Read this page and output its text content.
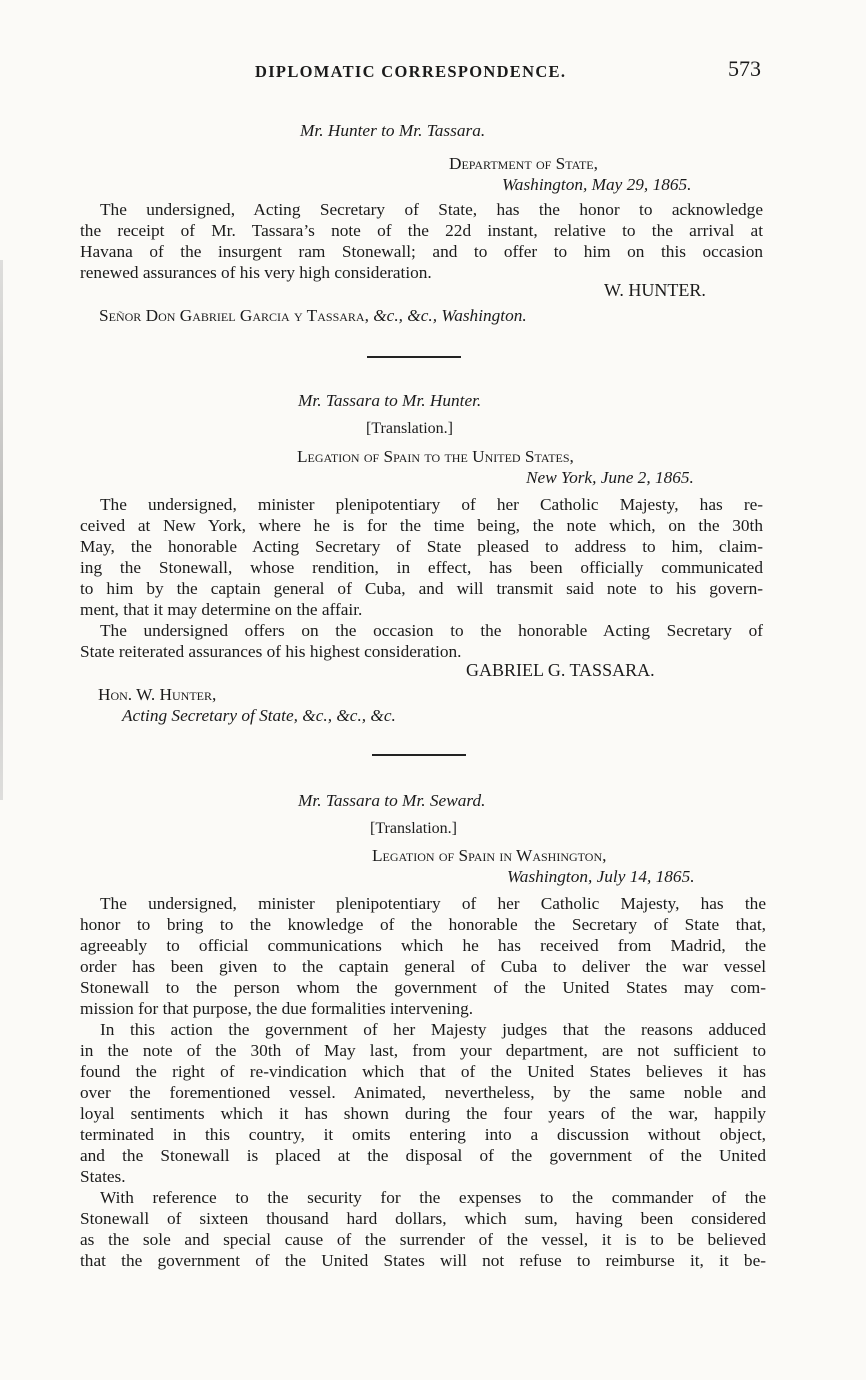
DIPLOMATIC CORRESPONDENCE.	573
Mr. Hunter to Mr. Tassara.
Department of State,
Washington, May 29, 1865.
The undersigned, Acting Secretary of State, has the honor to acknowledge
the receipt of Mr. Tassara’s note of the 22d instant, relative to the arrival at
Havana of the insurgent ram Stonewall; and to offer to him on this occasion
renewed assurances of his very high consideration.
W. HUNTER.
Señor Don Gabriel Garcia y Tassara, &c., &c., Washington.
Mr. Tassara to Mr. Hunter.
[Translation.]
Legation of Spain to the United States,
New York, June 2, 1865.
The undersigned, minister plenipotentiary of her Catholic Majesty, has re-
ceived at New York, where he is for the time being, the note which, on the 30th
May, the honorable Acting Secretary of State pleased to address to him, claim-
ing the Stonewall, whose rendition, in effect, has been officially communicated
to him by the captain general of Cuba, and will transmit said note to his govern-
ment, that it may determine on the affair.
The undersigned offers on the occasion to the honorable Acting Secretary of
State reiterated assurances of his highest consideration.
GABRIEL G. TASSARA.
Hon. W. Hunter,
Acting Secretary of State, &c., &c., &c.
Mr. Tassara to Mr. Seward.
[Translation.]
Legation of Spain in Washington,
Washington, July 14, 1865.
The undersigned, minister plenipotentiary of her Catholic Majesty, has the
honor to bring to the knowledge of the honorable the Secretary of State that,
agreeably to official communications which he has received from Madrid, the
order has been given to the captain general of Cuba to deliver the war vessel
Stonewall to the person whom the government of the United States may com-
mission for that purpose, the due formalities intervening.
In this action the government of her Majesty judges that the reasons adduced
in the note of the 30th of May last, from your department, are not sufficient to
found the right of re-vindication which that of the United States believes it has
over the forementioned vessel. Animated, nevertheless, by the same noble and
loyal sentiments which it has shown during the four years of the war, happily
terminated in this country, it omits entering into a discussion without object,
and the Stonewall is placed at the disposal of the government of the United
States.
With reference to the security for the expenses to the commander of the
Stonewall of sixteen thousand hard dollars, which sum, having been considered
as the sole and special cause of the surrender of the vessel, it is to be believed
that the government of the United States will not refuse to reimburse it, it be-
